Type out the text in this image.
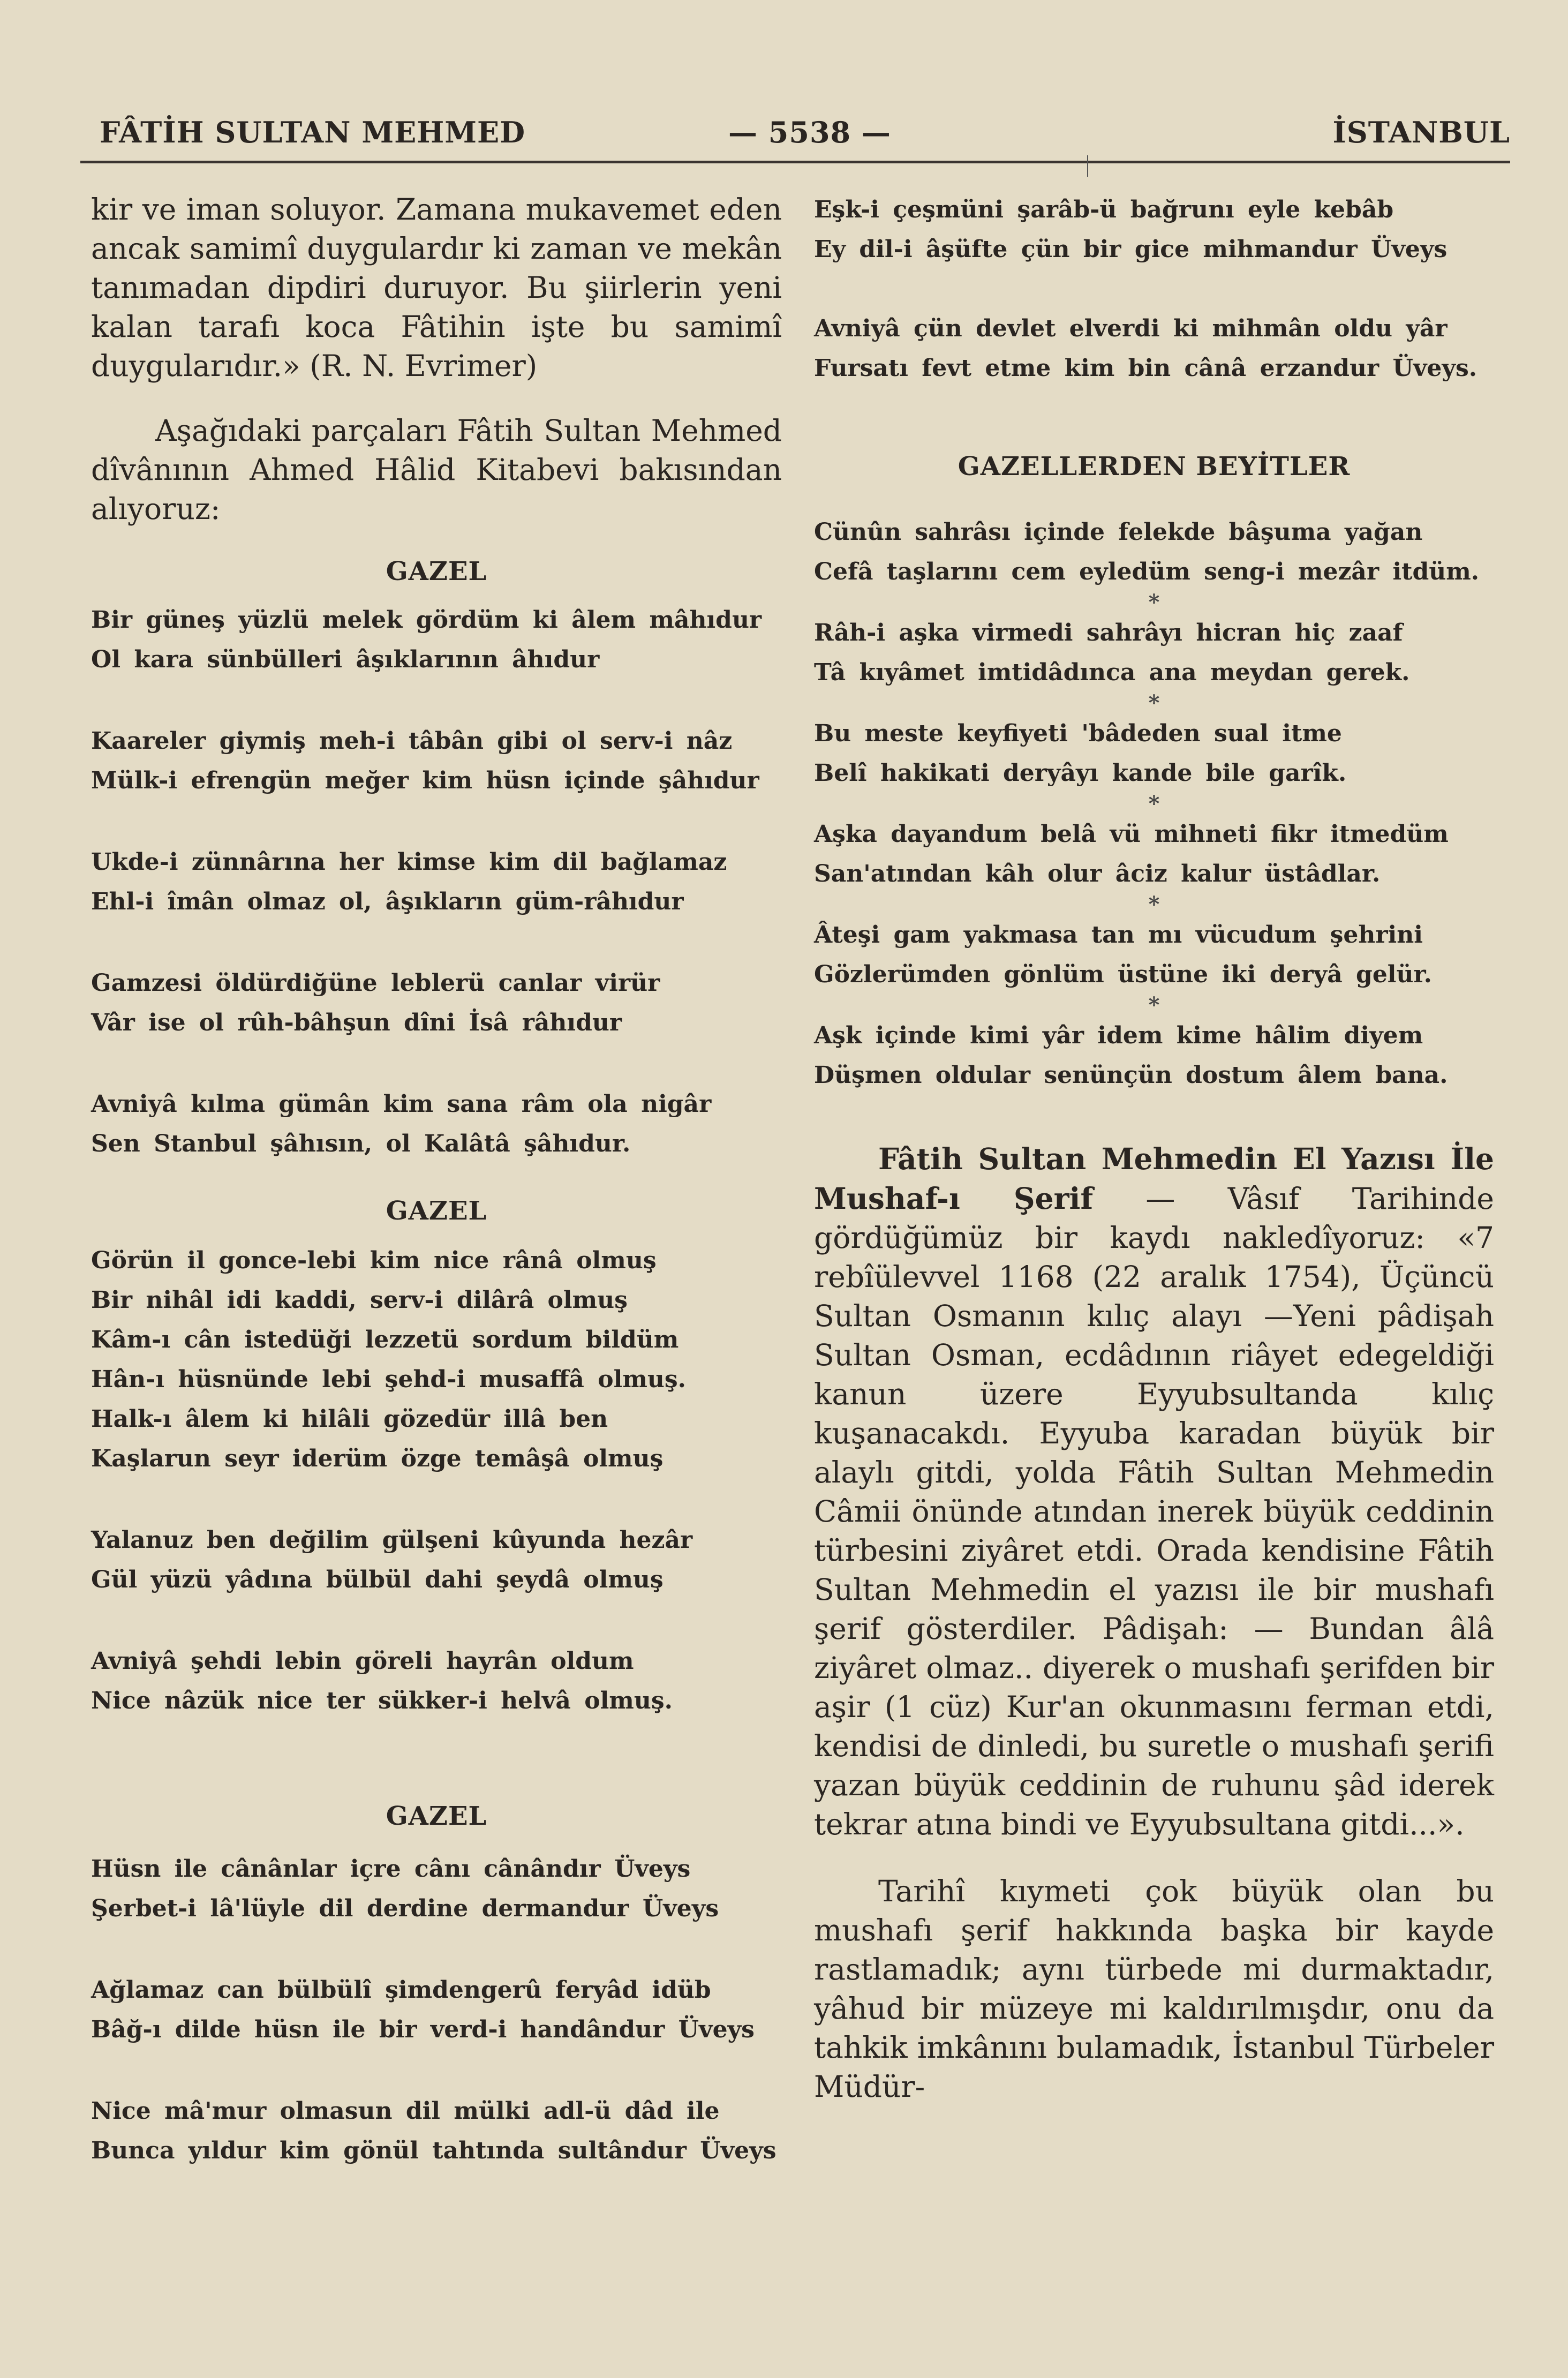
FÂTİH SULTAN MEHMED	— 5538 —	İSTANBUL

kir ve iman soluyor. Zamana mukavemet eden ancak samimî duygulardır ki zaman ve mekân tanımadan dipdiri duruyor. Bu şiirlerin yeni kalan tarafı koca Fâtihin işte bu samimî duygularıdır.» (R. N. Evrimer)

Aşağıdaki parçaları Fâtih Sultan Mehmed dîvânının Ahmed Hâlid Kitabevi bakısından alıyoruz:

GAZEL

Bir güneş yüzlü melek gördüm ki âlem mâhıdur
Ol kara sünbülleri âşıklarının âhıdur
Kaareler giymiş meh-i tâbân gibi ol serv-i nâz
Mülk-i efrengün meğer kim hüsn içinde şâhıdur
Ukde-i zünnârına her kimse kim dil bağlamaz
Ehl-i îmân olmaz ol, âşıkların güm-râhıdur
Gamzesi öldürdiğüne leblerü canlar virür
Vâr ise ol rûh-bâhşun dîni İsâ râhıdur
Avniyâ kılma gümân kim sana râm ola nigâr
Sen Stanbul şâhısın, ol Kalâtâ şâhıdur.

GAZEL

Görün il gonce-lebi kim nice rânâ olmuş
Bir nihâl idi kaddi, serv-i dilârâ olmuş
Kâm-ı cân istedüği lezzetü sordum bildüm
Hân-ı hüsnünde lebi şehd-i musaffâ olmuş.
Halk-ı âlem ki hilâli gözedür illâ ben
Kaşlarun seyr iderüm özge temâşâ olmuş
Yalanuz ben değilim gülşeni kûyunda hezâr
Gül yüzü yâdına bülbül dahi şeydâ olmuş
Avniyâ şehdi lebin göreli hayrân oldum
Nice nâzük nice ter sükker-i helvâ olmuş.

GAZEL

Hüsn ile cânânlar içre cânı cânândır Üveys
Şerbet-i lâ'lüyle dil derdine dermandur Üveys
Ağlamaz can bülbülî şimdengerû feryâd idüb
Bâğ-ı dilde hüsn ile bir verd-i handândur Üveys
Nice mâ'mur olmasun dil mülki adl-ü dâd ile
Bunca yıldur kim gönül tahtında sultândur Üveys
Eşk-i çeşmüni şarâb-ü bağrunı eyle kebâb
Ey dil-i âşüfte çün bir gice mihmandur Üveys
Avniyâ çün devlet elverdi ki mihmân oldu yâr
Fursatı fevt etme kim bin cânâ erzandur Üveys.

GAZELLERDEN BEYİTLER

Cünûn sahrâsı içinde felekde bâşuma yağan
Cefâ taşlarını cem eyledüm seng-i mezâr itdüm.
*
Râh-i aşka virmedi sahrâyı hicran hiç zaaf
Tâ kıyâmet imtidâdınca ana meydan gerek.
*
Bu meste keyfiyeti 'bâdeden sual itme
Belî hakikati deryâyı kande bile garîk.
*
Aşka dayandum belâ vü mihneti fikr itmedüm
San'atından kâh olur âciz kalur üstâdlar.
*
Âteşi gam yakmasa tan mı vücudum şehrini
Gözlerümden gönlüm üstüne iki deryâ gelür.
*
Aşk içinde kimi yâr idem kime hâlim diyem
Düşmen oldular senünçün dostum âlem bana.

Fâtih Sultan Mehmedin El Yazısı İle Mushaf-ı Şerif — Vâsıf Tarihinde gördüğümüz bir kaydı nakledîyoruz: «7 rebîülevvel 1168 (22 aralık 1754), Üçüncü Sultan Osmanın kılıç alayı —Yeni pâdişah Sultan Osman, ecdâdının riâyet edegeldiği kanun üzere Eyyubsultanda kılıç kuşanacakdı. Eyyuba karadan büyük bir alaylı gitdi, yolda Fâtih Sultan Mehmedin Câmii önünde atından inerek büyük ceddinin türbesini ziyâret etdi. Orada kendisine Fâtih Sultan Mehmedin el yazısı ile bir mushafı şerif gösterdiler. Pâdişah: — Bundan âlâ ziyâret olmaz.. diyerek o mushafı şerifden bir aşir (1 cüz) Kur'an okunmasını ferman etdi, kendisi de dinledi, bu suretle o mushafı şerifi yazan büyük ceddinin de ruhunu şâd iderek tekrar atına bindi ve Eyyubsultana gitdi...».

Tarihî kıymeti çok büyük olan bu mushafı şerif hakkında başka bir kayde rastlamadık; aynı türbede mi durmaktadır, yâhud bir müzeye mi kaldırılmışdır, onu da tahkik imkânını bulamadık, İstanbul Türbeler Müdür-
